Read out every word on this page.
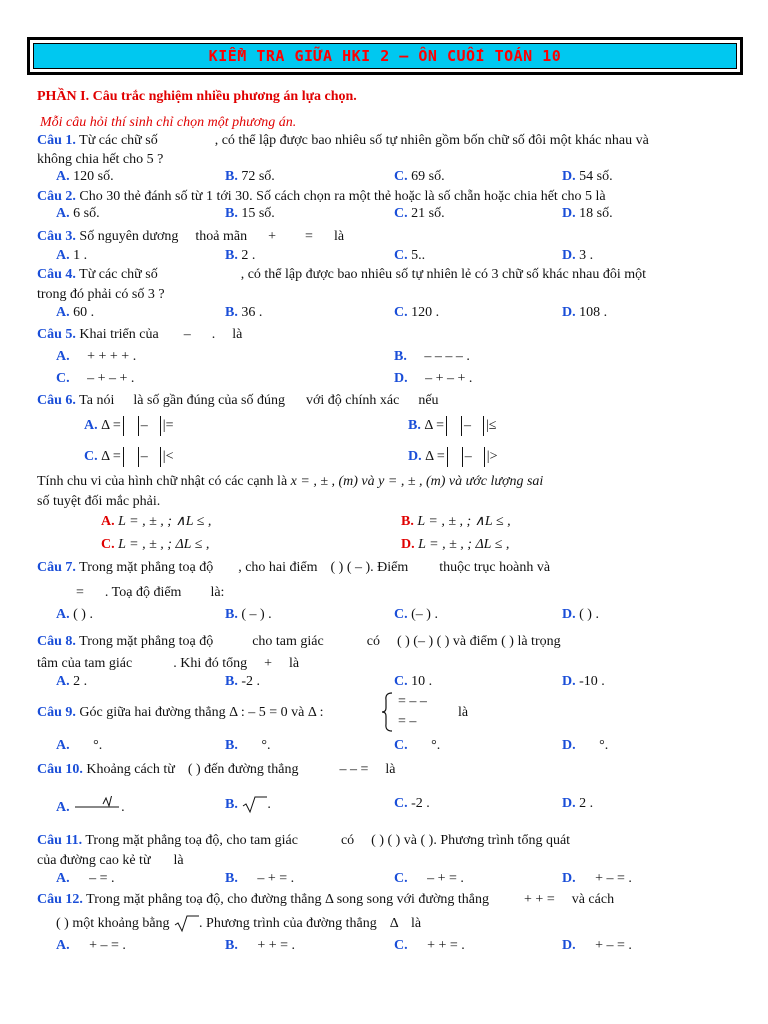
KIỂM TRA GIỮA HKI 2 – ÔN CUỐI TOÁN 10
PHẦN I. Câu trắc nghiệm nhiều phương án lựa chọn.
Mỗi câu hỏi thí sinh chỉ chọn một phương án.
Câu 1. Từ các chữ số	, có thể lập được bao nhiêu số tự nhiên gồm bốn chữ số đôi một khác nhau và
không chia hết cho 5 ?
A. 120 số.	B. 72 số.	C. 69 số.	D. 54 số.
Câu 2. Cho 30 thẻ đánh số từ 1 tới 30. Số cách chọn ra một thẻ hoặc là số chẵn hoặc chia hết cho 5 là
A. 6 số.	B. 15 số.	C. 21 số.	D. 18 số.
Câu 3. Số nguyên dương thoả mãn + = là
A. 1 .	B. 2 .	C. 5..	D. 3 .
Câu 4. Từ các chữ số	, có thể lập được bao nhiêu số tự nhiên lẻ có 3 chữ số khác nhau đôi một
trong đó phải có số 3 ?
A. 60 .	B. 36 .	C. 120 .	D. 108 .
Câu 5. Khai triển của – . là
A. + + + + .	B. – – – – .
C. – + – + .	D. – + – + .
Câu 6. Ta nói là số gần đúng của số đúng với độ chính xác nếu
A. Δ = – |=	B. Δ = – |≤
C. Δ = – |<	D. Δ = – |>
Tính chu vi của hình chữ nhật có các cạnh là x = , ± , (m) và y = , ± , (m) và ước lượng sai
số tuyệt đối mắc phải.
A. L = , ± , ; ∧L ≤ ,	B. L = , ± , ; ∧L ≤ ,
C. L = , ± , ; ΔL ≤ ,	D. L = , ± , ; ΔL ≤ ,
Câu 7. Trong mặt phẳng toạ độ , cho hai điểm ( ) ( – ). Điểm thuộc trục hoành và
= . Toạ độ điểm là:
A. ( ) .	B. ( – ) .	C. (– ) .	D. ( ) .
Câu 8. Trong mặt phẳng toạ độ	cho tam giác	có ( ) (– ) ( ) và điểm ( ) là trọng
tâm của tam giác	. Khi đó tổng + là
A. 2 .	B. -2 .	C. 10 .	D. -10 .
Câu 9. Góc giữa hai đường thẳng Δ : – 5 = 0 và Δ :
= – –
= –
là
A. °.	B. °.	C. °.	D. °.
Câu 10. Khoảng cách từ ( ) đến đường thẳng	– – = là
A.	.	B. .	C. -2 .	D. 2 .
Câu 11. Trong mặt phẳng toạ độ, cho tam giác	có ( ) ( ) và ( ). Phương trình tổng quát
của đường cao kẻ từ là
A. – = .	B. – + = .	C. – + = .	D. + – = .
Câu 12. Trong mặt phẳng toạ độ, cho đường thẳng Δ song song với đường thẳng	+ + = và cách
( ) một khoảng bằng . Phương trình của đường thẳng Δ là
A. + – = .	B. + + = .	C. + + = .	D. + – = .
